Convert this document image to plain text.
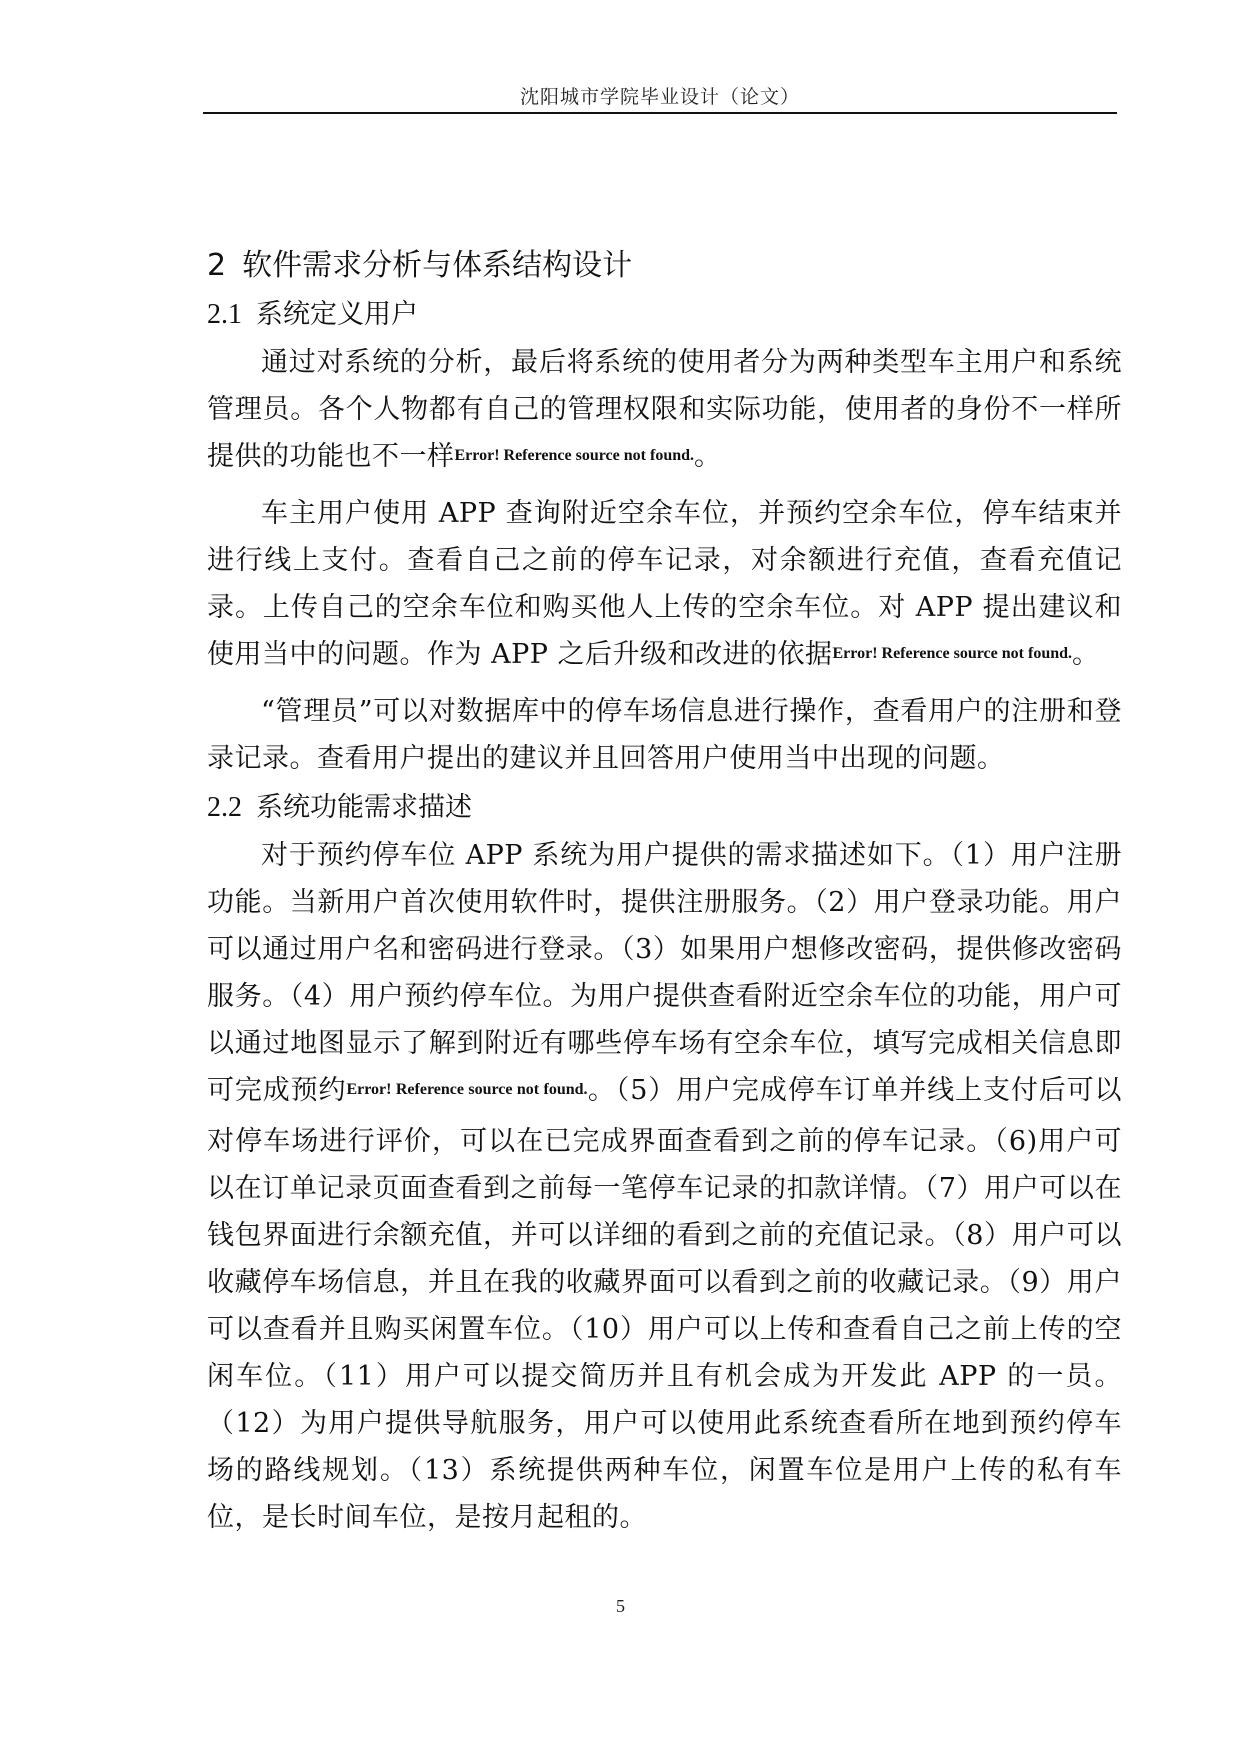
沈阳城市学院毕业设计（论文）
2 软件需求分析与体系结构设计
2.1 系统定义用户

通过对系统的分析，最后将系统的使用者分为两种类型车主用户和系统管理员。各个人物都有自己的管理权限和实际功能，使用者的身份不一样所提供的功能也不一样Error! Reference source not found.。

车主用户使用 APP 查询附近空余车位，并预约空余车位，停车结束并进行线上支付。查看自己之前的停车记录，对余额进行充值，查看充值记录。上传自己的空余车位和购买他人上传的空余车位。对 APP 提出建议和使用当中的问题。作为 APP 之后升级和改进的依据Error! Reference source not found.。

“管理员”可以对数据库中的停车场信息进行操作，查看用户的注册和登录记录。查看用户提出的建议并且回答用户使用当中出现的问题。

2.2 系统功能需求描述

对于预约停车位 APP 系统为用户提供的需求描述如下。（1）用户注册功能。当新用户首次使用软件时，提供注册服务。（2）用户登录功能。用户可以通过用户名和密码进行登录。（3）如果用户想修改密码，提供修改密码服务。（4）用户预约停车位。为用户提供查看附近空余车位的功能，用户可以通过地图显示了解到附近有哪些停车场有空余车位，填写完成相关信息即可完成预约Error! Reference source not found.。（5）用户完成停车订单并线上支付后可以对停车场进行评价，可以在已完成界面查看到之前的停车记录。（6)用户可以在订单记录页面查看到之前每一笔停车记录的扣款详情。（7）用户可以在钱包界面进行余额充值，并可以详细的看到之前的充值记录。（8）用户可以收藏停车场信息，并且在我的收藏界面可以看到之前的收藏记录。（9）用户可以查看并且购买闲置车位。（10）用户可以上传和查看自己之前上传的空闲车位。（11）用户可以提交简历并且有机会成为开发此 APP 的一员。（12）为用户提供导航服务，用户可以使用此系统查看所在地到预约停车场的路线规划。（13）系统提供两种车位，闲置车位是用户上传的私有车位，是长时间车位，是按月起租的。

5
